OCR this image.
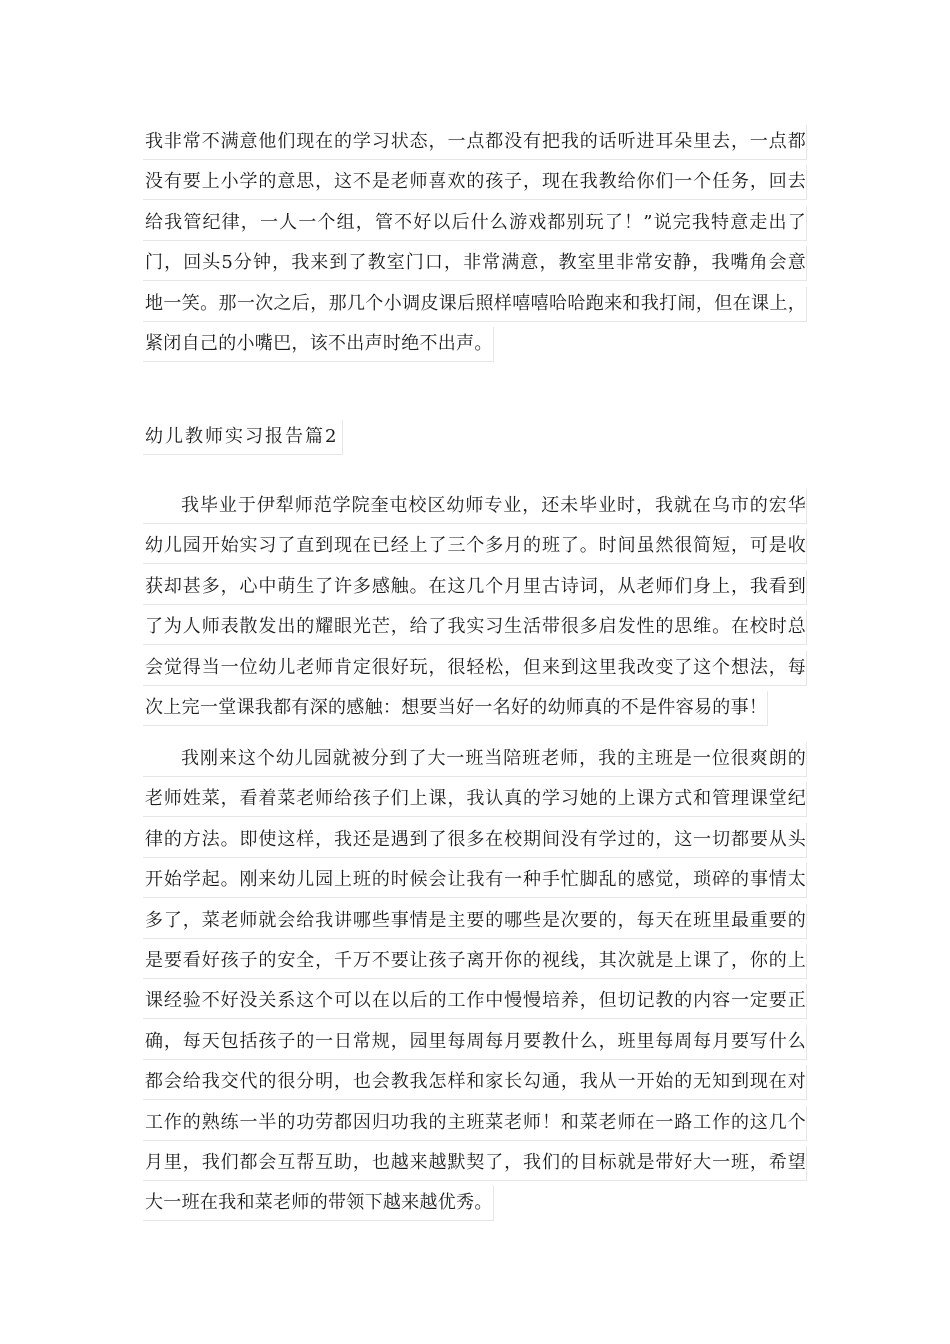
我非常不满意他们现在的学习状态，一点都没有把我的话听进耳朵里去，一点都
没有要上小学的意思，这不是老师喜欢的孩子，现在我教给你们一个任务，回去
给我管纪律，一人一个组，管不好以后什么游戏都别玩了！”说完我特意走出了
门，回头5分钟，我来到了教室门口，非常满意，教室里非常安静，我嘴角会意
地一笑。那一次之后，那几个小调皮课后照样嘻嘻哈哈跑来和我打闹，但在课上，
紧闭自己的小嘴巴，该不出声时绝不出声。
幼儿教师实习报告篇2
我毕业于伊犁师范学院奎屯校区幼师专业，还未毕业时，我就在乌市的宏华
幼儿园开始实习了直到现在已经上了三个多月的班了。时间虽然很简短，可是收
获却甚多，心中萌生了许多感触。在这几个月里古诗词，从老师们身上，我看到
了为人师表散发出的耀眼光芒，给了我实习生活带很多启发性的思维。在校时总
会觉得当一位幼儿老师肯定很好玩，很轻松，但来到这里我改变了这个想法，每
次上完一堂课我都有深的感触：想要当好一名好的幼师真的不是件容易的事！
我刚来这个幼儿园就被分到了大一班当陪班老师，我的主班是一位很爽朗的
老师姓菜，看着菜老师给孩子们上课，我认真的学习她的上课方式和管理课堂纪
律的方法。即使这样，我还是遇到了很多在校期间没有学过的，这一切都要从头
开始学起。刚来幼儿园上班的时候会让我有一种手忙脚乱的感觉，琐碎的事情太
多了，菜老师就会给我讲哪些事情是主要的哪些是次要的，每天在班里最重要的
是要看好孩子的安全，千万不要让孩子离开你的视线，其次就是上课了，你的上
课经验不好没关系这个可以在以后的工作中慢慢培养，但切记教的内容一定要正
确，每天包括孩子的一日常规，园里每周每月要教什么，班里每周每月要写什么
都会给我交代的很分明，也会教我怎样和家长勾通，我从一开始的无知到现在对
工作的熟练一半的功劳都因归功我的主班菜老师！和菜老师在一路工作的这几个
月里，我们都会互帮互助，也越来越默契了，我们的目标就是带好大一班，希望
大一班在我和菜老师的带领下越来越优秀。
